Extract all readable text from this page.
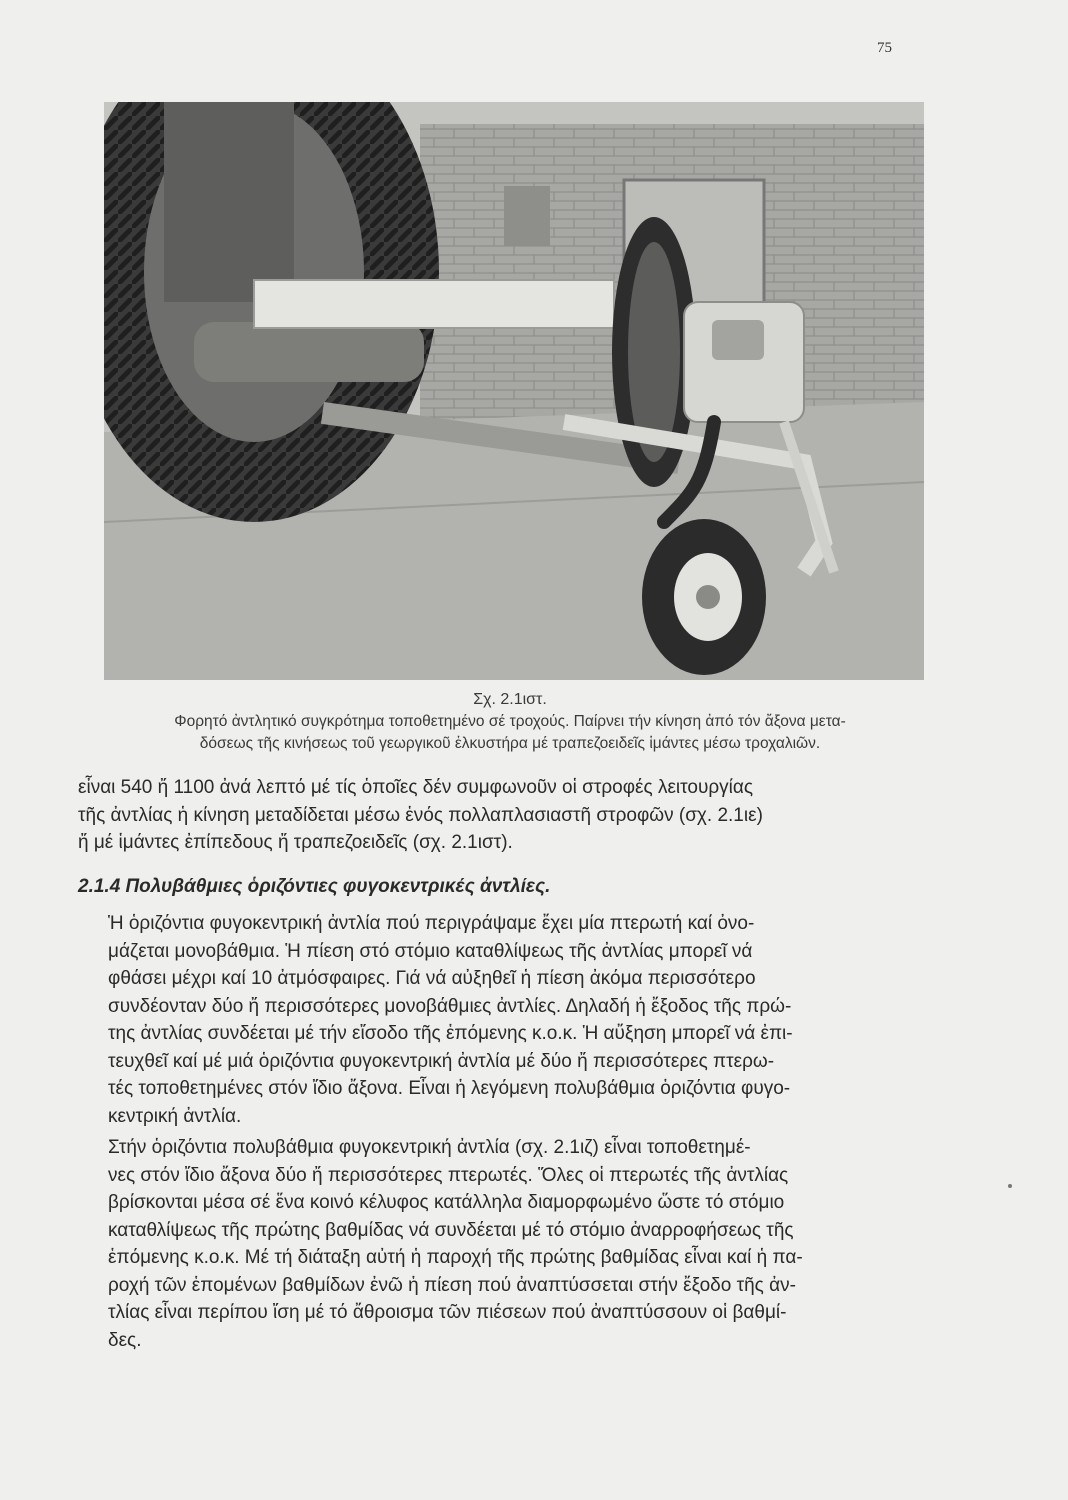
75
Σχ. 2.1ιστ.
Φορητό ἀντλητικό συγκρότημα τοποθετημένο σέ τροχούς. Παίρνει τήν κίνηση ἀπό τόν ἄξονα μετα-
δόσεως τῆς κινήσεως τοῦ γεωργικοῦ ἑλκυστήρα μέ τραπεζοειδεῖς ἱμάντες μέσω τροχαλιῶν.
εἶναι 540 ἤ 1100 ἀνά λεπτό μέ τίς ὁποῖες δέν συμφωνοῦν οἱ στροφές λειτουργίας
τῆς ἀντλίας ἡ κίνηση μεταδίδεται μέσω ἑνός πολλαπλασιαστῆ στροφῶν (σχ. 2.1ιε)
ἤ μέ ἱμάντες ἐπίπεδους ἤ τραπεζοειδεῖς (σχ. 2.1ιστ).
2.1.4 Πολυβάθμιες ὁριζόντιες φυγοκεντρικές ἀντλίες.
Ἡ ὁριζόντια φυγοκεντρική ἀντλία πού περιγράψαμε ἔχει μία πτερωτή καί ὀνο-
μάζεται μονοβάθμια. Ἡ πίεση στό στόμιο καταθλίψεως τῆς ἀντλίας μπορεῖ νά
φθάσει μέχρι καί 10 ἀτμόσφαιρες. Γιά νά αὐξηθεῖ ἡ πίεση ἀκόμα περισσότερο
συνδέονταν δύο ἤ περισσότερες μονοβάθμιες ἀντλίες. Δηλαδή ἡ ἔξοδος τῆς πρώ-
της ἀντλίας συνδέεται μέ τήν εἴσοδο τῆς ἑπόμενης κ.ο.κ. Ἡ αὔξηση μπορεῖ νά ἐπι-
τευχθεῖ καί μέ μιά ὁριζόντια φυγοκεντρική ἀντλία μέ δύο ἤ περισσότερες πτερω-
τές τοποθετημένες στόν ἴδιο ἄξονα. Εἶναι ἡ λεγόμενη πολυβάθμια ὁριζόντια φυγο-
κεντρική ἀντλία.
Στήν ὁριζόντια πολυβάθμια φυγοκεντρική ἀντλία (σχ. 2.1ιζ) εἶναι τοποθετημέ-
νες στόν ἴδιο ἄξονα δύο ἤ περισσότερες πτερωτές. Ὅλες οἱ πτερωτές τῆς ἀντλίας
βρίσκονται μέσα σέ ἕνα κοινό κέλυφος κατάλληλα διαμορφωμένο ὥστε τό στόμιο
καταθλίψεως τῆς πρώτης βαθμίδας νά συνδέεται μέ τό στόμιο ἀναρροφήσεως τῆς
ἑπόμενης κ.ο.κ. Μέ τή διάταξη αὐτή ἡ παροχή τῆς πρώτης βαθμίδας εἶναι καί ἡ πα-
ροχή τῶν ἑπομένων βαθμίδων ἐνῶ ἡ πίεση πού ἀναπτύσσεται στήν ἔξοδο τῆς ἀν-
τλίας εἶναι περίπου ἴση μέ τό ἄθροισμα τῶν πιέσεων πού ἀναπτύσσουν οἱ βαθμί-
δες.
